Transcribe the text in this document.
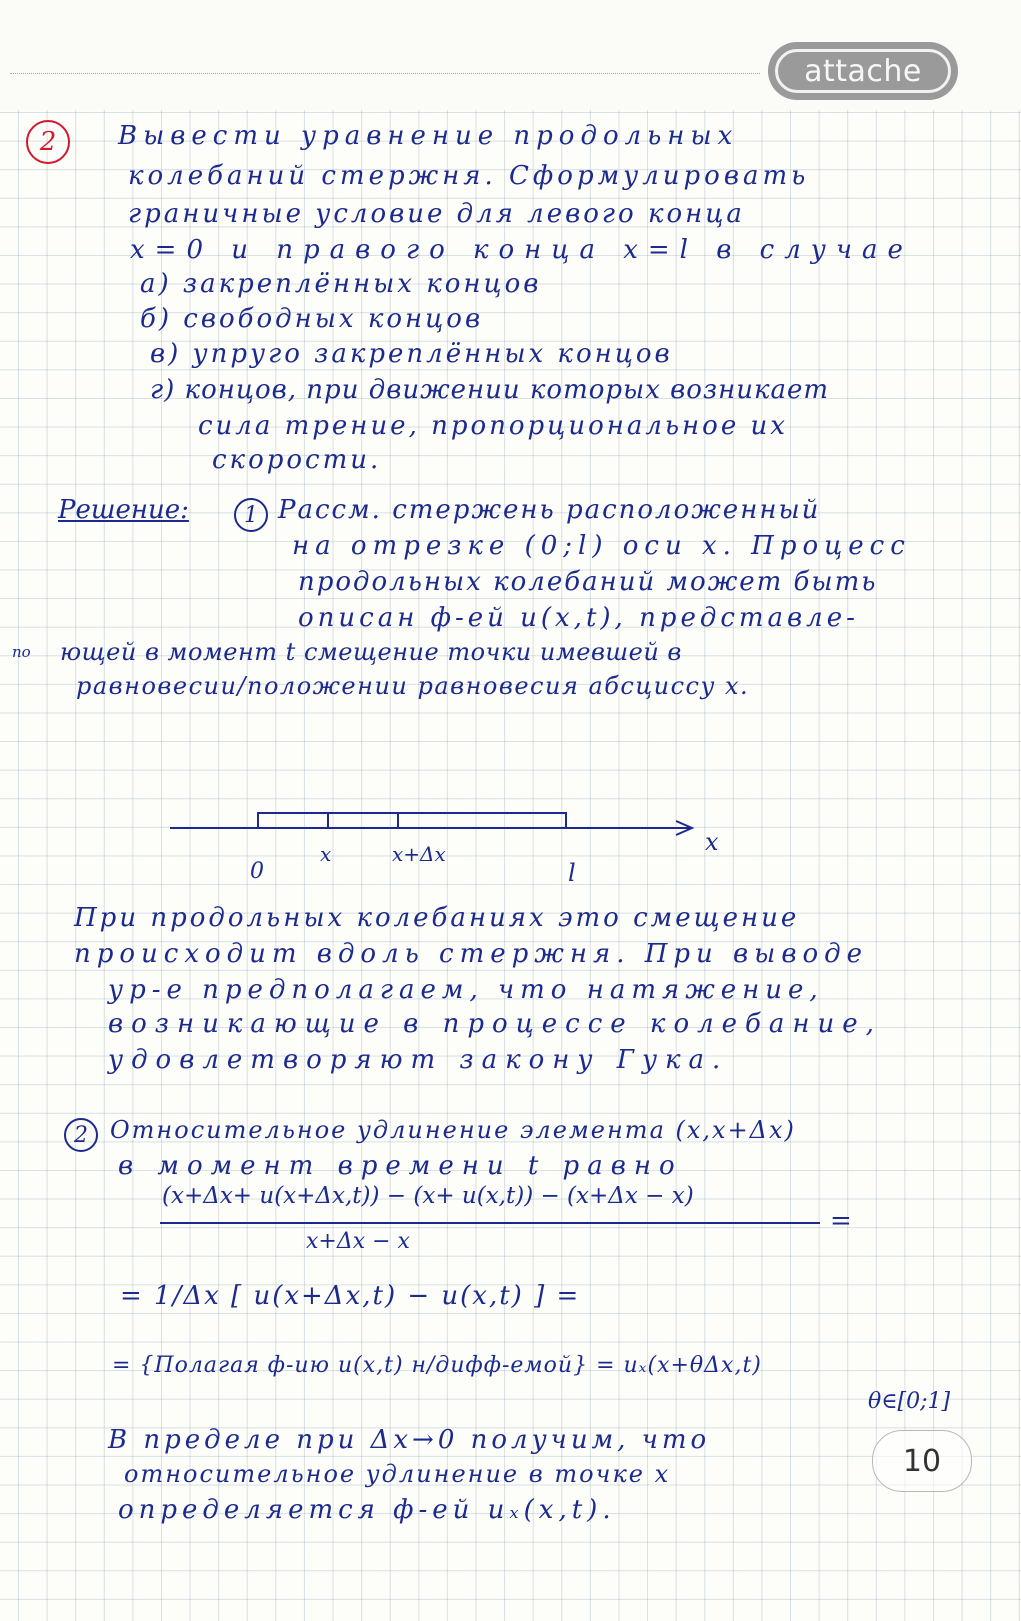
attache
2	Вывести уравнение продольных
колебаний стержня. Сформулировать
граничные условие для левого конца
x=0 и правого конца x=l в случае
а) закреплённых концов
б) свободных концов
в) упруго закреплённых концов
г) концов, при движении которых возникает
сила трение, пропорциональное их
скорости.
Решение:	1 Рассм. стержень расположенный
на отрезке (0;l) оси x. Процесс
продольных колебаний может быть
описан ф-ей u(x,t), представле-
по ющей в момент t смещение точки имевшей в
равновесии/положении равновесия абсциссу x.
x
0
x	x+Δx
l
При продольных колебаниях это смещение
происходит вдоль стержня. При выводе
ур-е предполагаем, что натяжение,
возникающие в процессе колебание,
удовлетворяют закону Гука.
2 Относительное удлинение элемента (x,x+Δx)
в момент времени t равно
(x+Δx+ u(x+Δx,t)) − (x+ u(x,t)) − (x+Δx − x)
x+Δx − x
=
= 1/Δx [ u(x+Δx,t) − u(x,t) ] =
= {Полагая ф-ию u(x,t) н/дифф-емой} = uₓ(x+θΔx,t)
θ∈[0;1]
В пределе при Δx→0 получим, что
относительное удлинение в точке x
определяется ф-ей uₓ(x,t).
10
